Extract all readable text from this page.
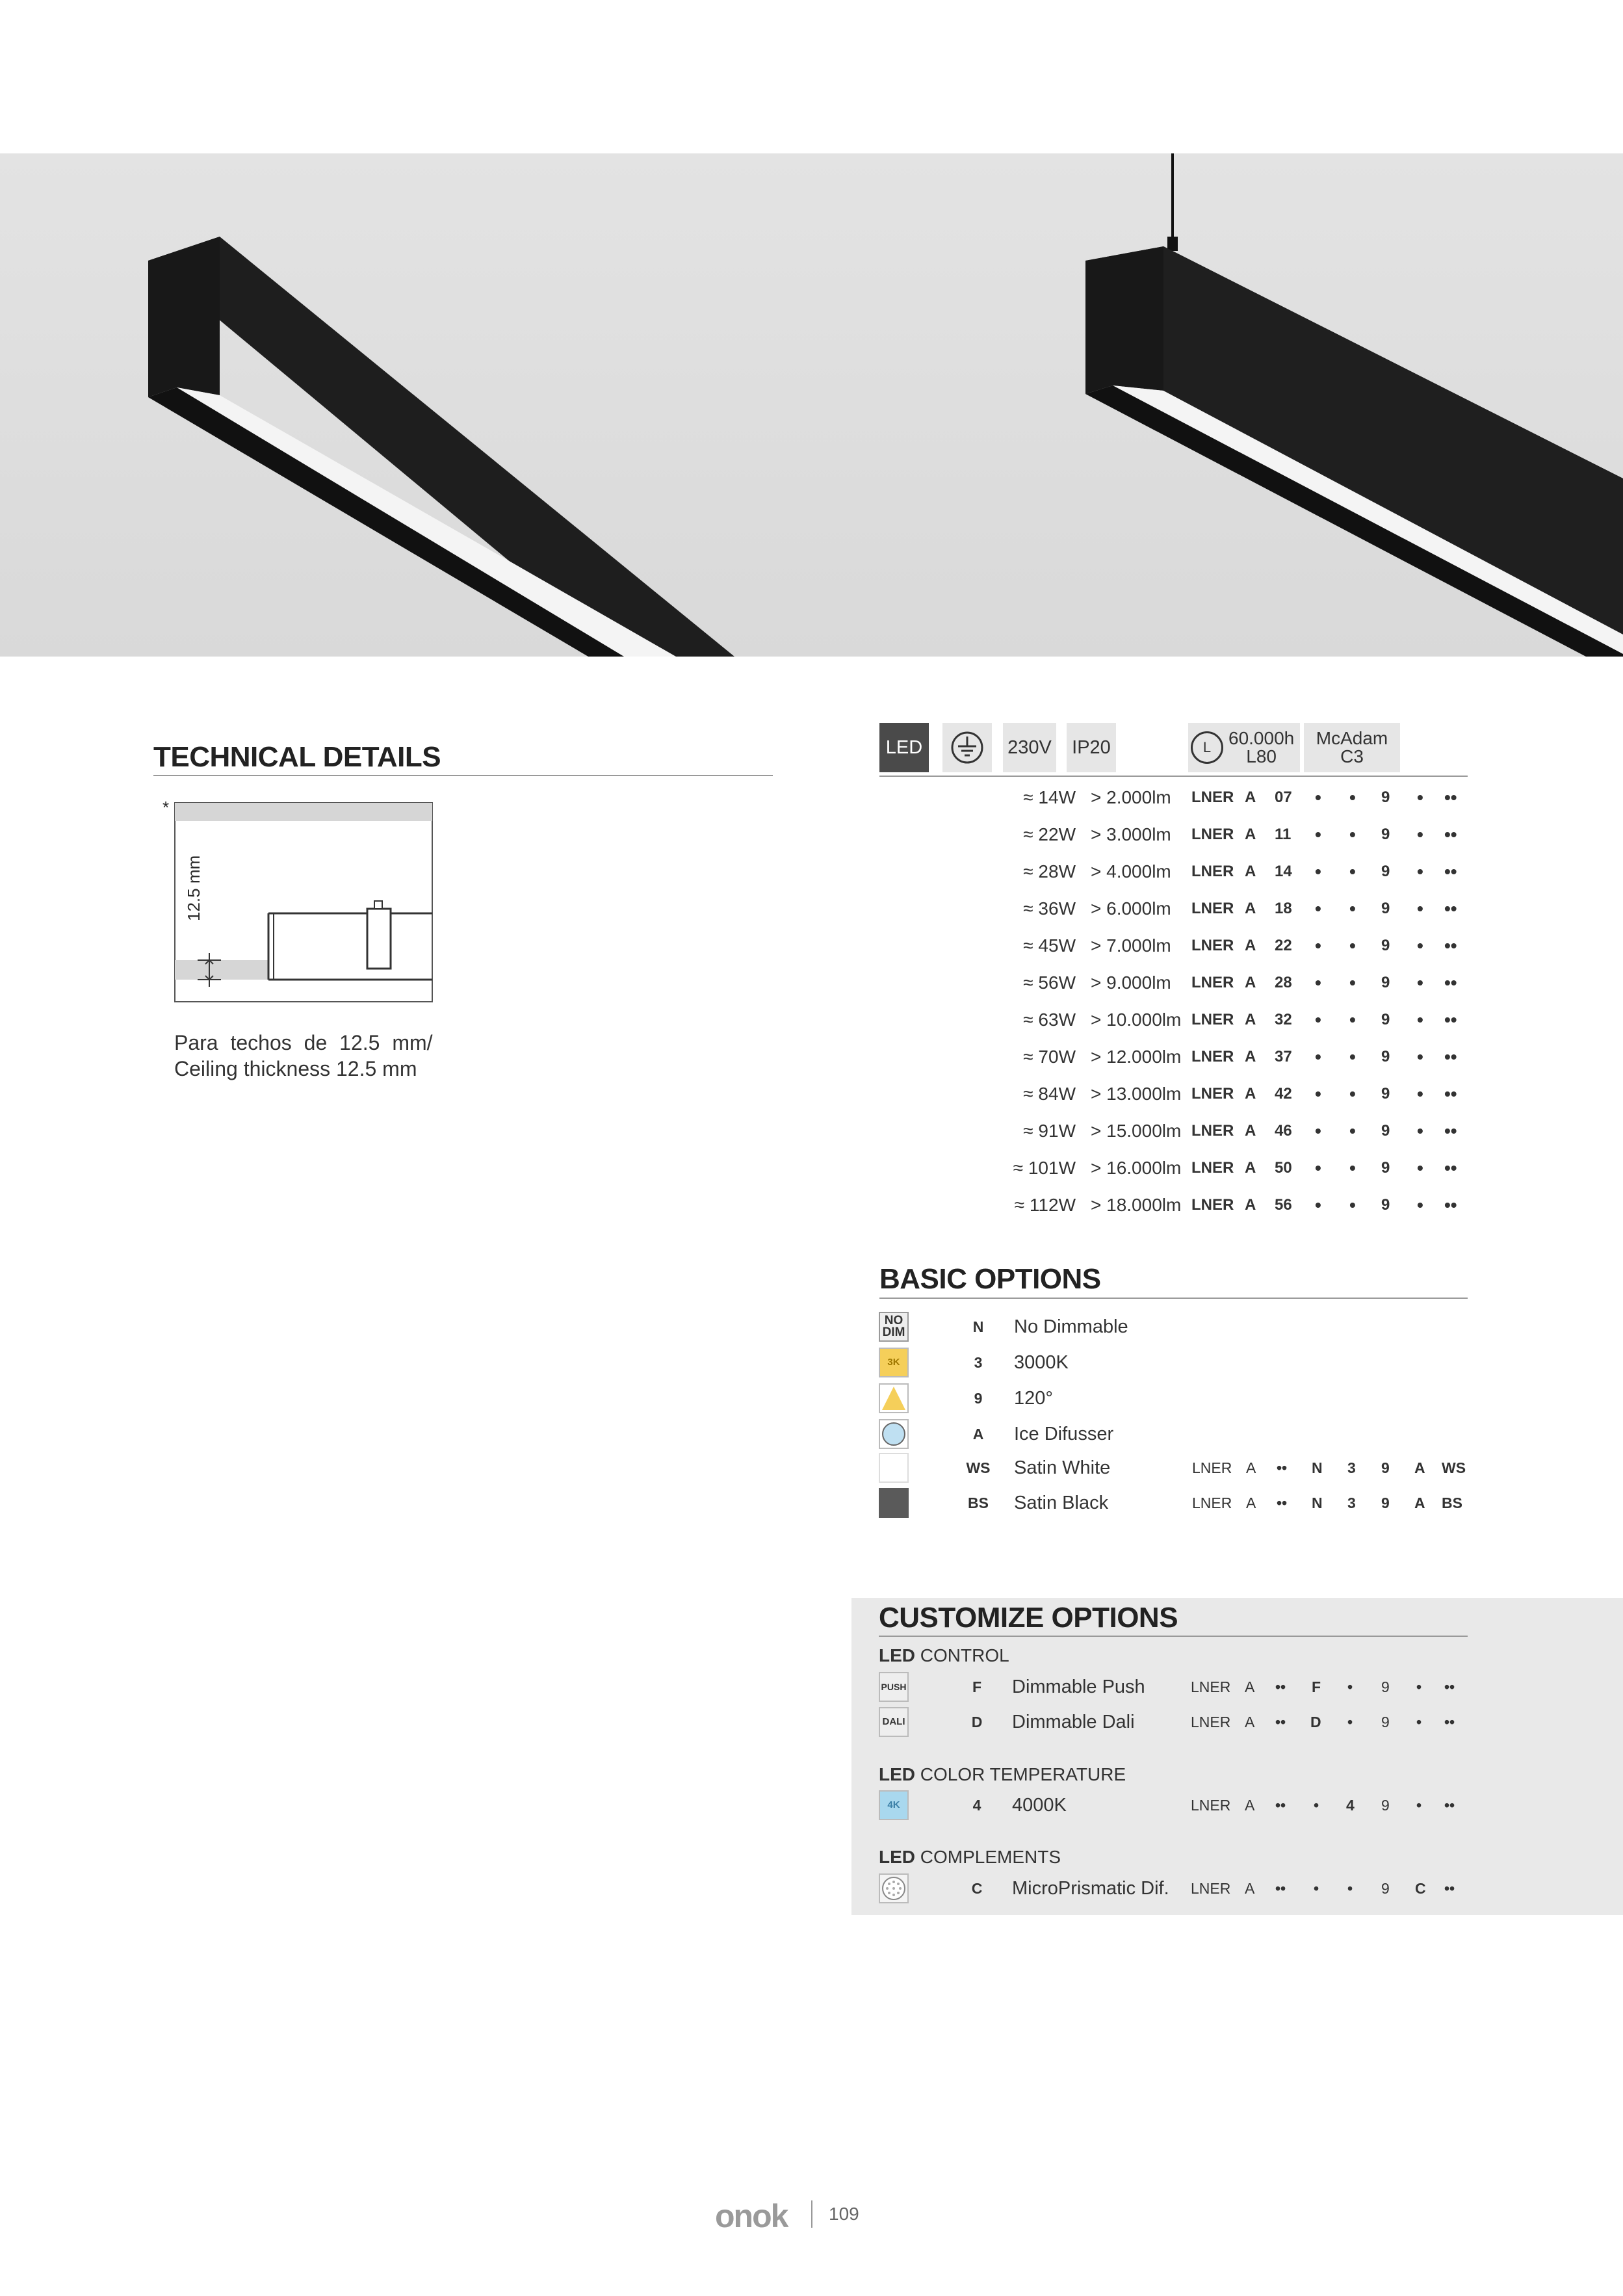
TECHNICAL DETAILS
*
12.5 mm
Para techos de 12.5 mm/
Ceiling thickness 12.5 mm
LED	230V IP20	L 60.000h
L80
McAdam
C3
≈ 14W > 2.000lm LNER A 07 • • 9 • ••
≈ 22W > 3.000lm LNER A 11 • • 9 • ••
≈ 28W > 4.000lm LNER A 14 • • 9 • ••
≈ 36W > 6.000lm LNER A 18 • • 9 • ••
≈ 45W > 7.000lm LNER A 22 • • 9 • ••
≈ 56W > 9.000lm LNER A 28 • • 9 • ••
≈ 63W > 10.000lm LNER A 32 • • 9 • ••
≈ 70W > 12.000lm LNER A 37 • • 9 • ••
≈ 84W > 13.000lm LNER A 42 • • 9 • ••
≈ 91W > 15.000lm LNER A 46 • • 9 • ••
≈ 101W > 16.000lm LNER A 50 • • 9 • ••
≈ 112W > 18.000lm LNER A 56 • • 9 • ••
BASIC OPTIONS
NO
DIM	N	No Dimmable
3K	3	3000K
9	120°
A	Ice Difusser
WS	Satin White	LNER A •• N 3 9 A WS
BS	Satin Black	LNER A •• N 3 9 A BS
CUSTOMIZE OPTIONS
LED CONTROL
PUSH	F	Dimmable Push	LNER A •• F • 9 • ••
DALI	D	Dimmable Dali	LNER A •• D • 9 • ••
LED COLOR TEMPERATURE
4K	4	4000K	LNER A •• • 4 9 • ••
LED COMPLEMENTS
C	MicroPrismatic Dif. LNER A •• • • 9 C ••
onok 109
